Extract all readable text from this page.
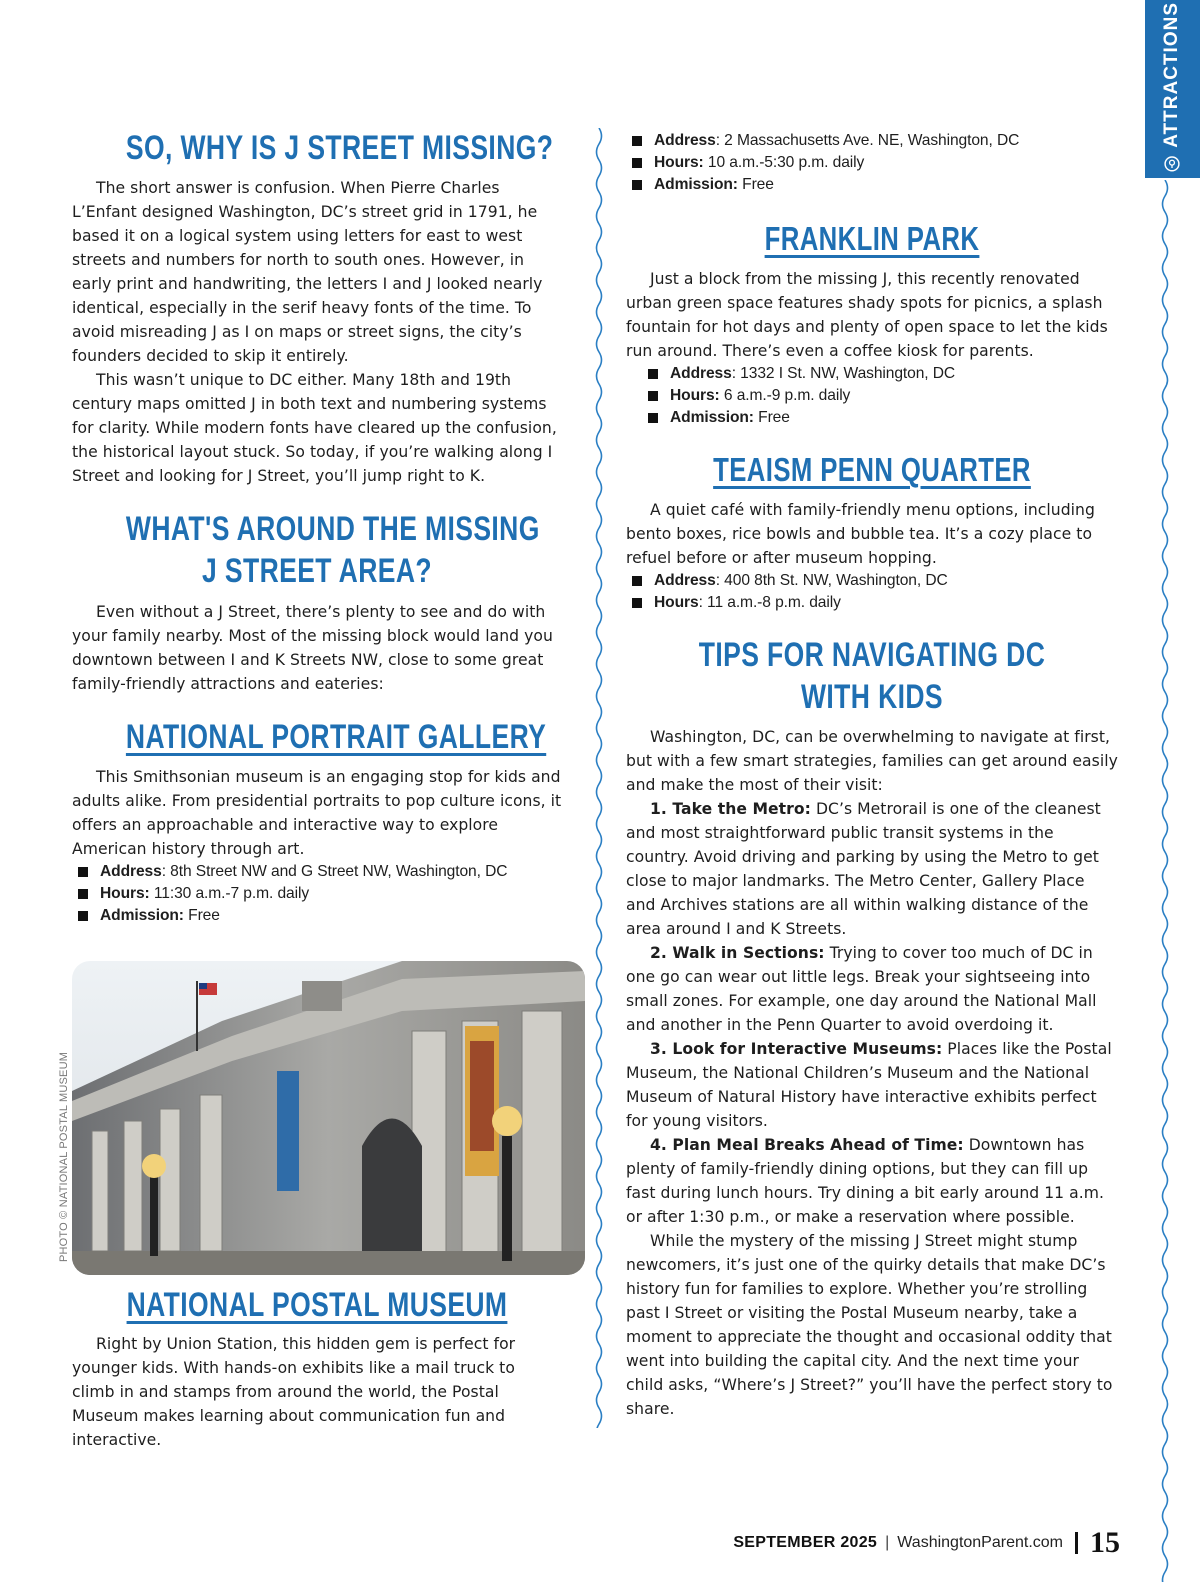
ATTRACTIONS
SO, WHY IS J STREET MISSING?

The short answer is confusion. When Pierre Charles L’Enfant designed Washington, DC’s street grid in 1791, he based it on a logical system using letters for east to west streets and numbers for north to south ones. However, in early print and handwriting, the letters I and J looked nearly identical, especially in the serif heavy fonts of the time. To avoid misreading J as I on maps or street signs, the city’s founders decided to skip it entirely.

This wasn’t unique to DC either. Many 18th and 19th century maps omitted J in both text and numbering systems for clarity. While modern fonts have cleared up the confusion, the historical layout stuck. So today, if you’re walking along I Street and looking for J Street, you’ll jump right to K.

WHAT'S AROUND THE MISSING
J STREET AREA?

Even without a J Street, there’s plenty to see and do with your family nearby. Most of the missing block would land you downtown between I and K Streets NW, close to some great family-friendly attractions and eateries:

NATIONAL PORTRAIT GALLERY

This Smithsonian museum is an engaging stop for kids and adults alike. From presidential portraits to pop culture icons, it offers an approachable and interactive way to explore American history through art.

Address: 8th Street NW and G Street NW, Washington, DC
Hours: 11:30 a.m.-7 p.m. daily
Admission: Free
NATIONAL POSTAL MUSEUM

Right by Union Station, this hidden gem is perfect for younger kids. With hands-on exhibits like a mail truck to climb in and stamps from around the world, the Postal Museum makes learning about communication fun and interactive.

PHOTO © NATIONAL POSTAL MUSEUM
Address: 2 Massachusetts Ave. NE, Washington, DC
Hours: 10 a.m.-5:30 p.m. daily
Admission: Free
FRANKLIN PARK

Just a block from the missing J, this recently renovated urban green space features shady spots for picnics, a splash fountain for hot days and plenty of open space to let the kids run around. There’s even a coffee kiosk for parents.

Address: 1332 I St. NW, Washington, DC
Hours: 6 a.m.-9 p.m. daily
Admission: Free
TEAISM PENN QUARTER

A quiet café with family-friendly menu options, including bento boxes, rice bowls and bubble tea. It’s a cozy place to refuel before or after museum hopping.

Address: 400 8th St. NW, Washington, DC
Hours: 11 a.m.-8 p.m. daily
TIPS FOR NAVIGATING DC
WITH KIDS

Washington, DC, can be overwhelming to navigate at first, but with a few smart strategies, families can get around easily and make the most of their visit:

1. Take the Metro: DC’s Metrorail is one of the cleanest and most straightforward public transit systems in the country. Avoid driving and parking by using the Metro to get close to major landmarks. The Metro Center, Gallery Place and Archives stations are all within walking distance of the area around I and K Streets.

2. Walk in Sections: Trying to cover too much of DC in one go can wear out little legs. Break your sightseeing into small zones. For example, one day around the National Mall and another in the Penn Quarter to avoid overdoing it.

3. Look for Interactive Museums: Places like the Postal Museum, the National Children’s Museum and the National Museum of Natural History have interactive exhibits perfect for young visitors.

4. Plan Meal Breaks Ahead of Time: Downtown has plenty of family-friendly dining options, but they can fill up fast during lunch hours. Try dining a bit early around 11 a.m. or after 1:30 p.m., or make a reservation where possible.

While the mystery of the missing J Street might stump newcomers, it’s just one of the quirky details that make DC’s history fun for families to explore. Whether you’re strolling past I Street or visiting the Postal Museum nearby, take a moment to appreciate the thought and occasional oddity that went into building the capital city. And the next time your child asks, “Where’s J Street?” you’ll have the perfect story to share.

SEPTEMBER 2025 | WashingtonParent.com 15
